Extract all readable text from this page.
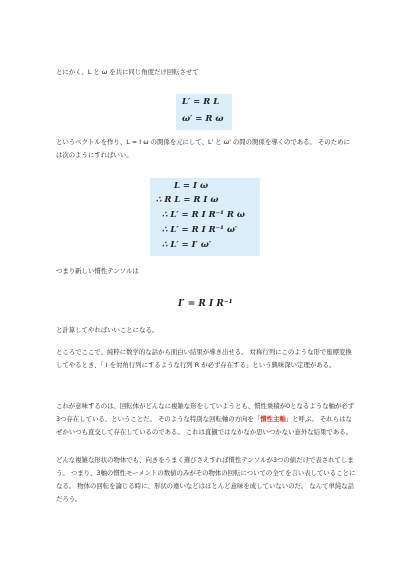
とにかく、L と ω を共に同じ角度だけ回転させて

L′ = R L
ω′ = R ω

というベクトルを作り、L = I ω の関係を元にして、L' と ω' の間の関係を導くのである。 そのためには次のようにすればいい。

L = I ω
∴ R L = R I ω
∴ L′ = R I R⁻¹ R ω
∴ L′ = R I R⁻¹ ω′
∴ L′ = I′ ω′

つまり新しい慣性テンソルは

I′ = R I R⁻¹

と計算してやればいいことになる。

ところでここで、純粋に数学的な話から面白い結果が導き出せる。 対称行列にこのような形で座標変換してやるとき、「 I を対角行列にするような行列 R が必ず存在する」という興味深い定理がある。

これが意味するのは、回転体がどんなに複雑な形をしていようとも、慣性乗積が0となるような軸が必ず3つ存在している、ということだ。 そのような特別な回転軸の方向を「慣性主軸」と呼ぶ。 それらはなぜかいつも直交して存在しているのである。 これは直観ではなかなか思いつかない意外な結果である。

どんな複雑な形状の物体でも、向きをうまく選びさえすれば慣性テンソルが3つの値だけで表されてしまう。 つまり、3軸の慣性モーメントの数値のみがその物体の回転についての全てを言い表していることになる。 物体の回転を論じる時に、形状の違いなどはほとんど意味を成していないのだ。 なんて単純な話だろう。
